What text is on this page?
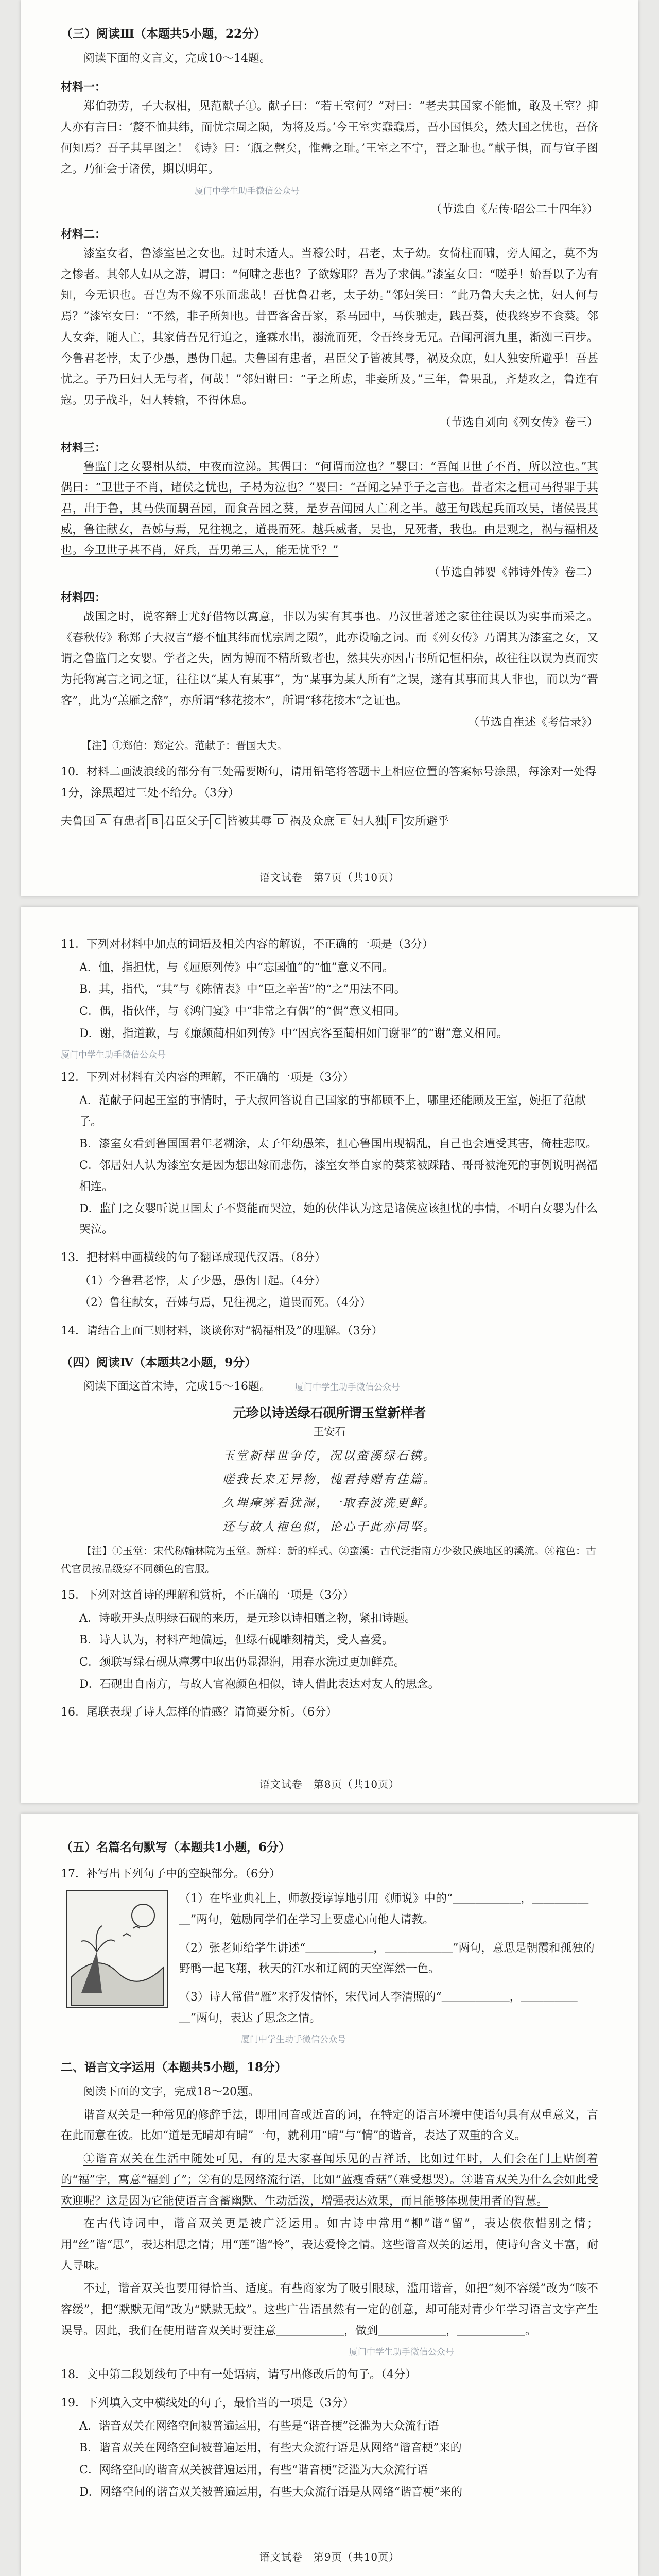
（三）阅读Ⅲ（本题共5小题，22分）
阅读下面的文言文，完成10～14题。
材料一：
郑伯勃劳，子大叔相，见范献子①。献子曰：“若王室何？”对曰：“老夫其国家不能恤，敢及王室？抑人亦有言曰：‘嫠不恤其纬，而忧宗周之陨，为将及焉。’今王室实蠢蠢焉，吾小国惧矣，然大国之忧也，吾侪何知焉？吾子其早图之！《诗》曰：‘瓶之罄矣，惟罍之耻。’王室之不宁，晋之耻也。”献子惧，而与宣子图之。乃征会于诸侯，期以明年。
厦门中学生助手微信公众号
（节选自《左传·昭公二十四年》）
材料二：
漆室女者，鲁漆室邑之女也。过时未适人。当穆公时，君老，太子幼。女倚柱而啸，旁人闻之，莫不为之惨者。其邻人妇从之游，谓曰：“何啸之悲也？子欲嫁耶？吾为子求偶。”漆室女曰：“嗟乎！始吾以子为有知，今无识也。吾岂为不嫁不乐而悲哉！吾忧鲁君老，太子幼。”邻妇笑曰：“此乃鲁大夫之忧，妇人何与焉？”漆室女曰：“不然，非子所知也。昔晋客舍吾家，系马园中，马佚驰走，践吾葵，使我终岁不食葵。邻人女奔，随人亡，其家倩吾兄行追之，逢霖水出，溺流而死，令吾终身无兄。吾闻河润九里，渐洳三百步。今鲁君老悖，太子少愚，愚伪日起。夫鲁国有患者，君臣父子皆被其辱，祸及众庶，妇人独安所避乎！吾甚忧之。子乃曰妇人无与者，何哉！”邻妇谢曰：“子之所虑，非妾所及。”三年，鲁果乱，齐楚攻之，鲁连有寇。男子战斗，妇人转输，不得休息。
（节选自刘向《列女传》卷三）
材料三：
鲁监门之女婴相从绩，中夜而泣涕。其偶曰：“何谓而泣也？”婴曰：“吾闻卫世子不肖，所以泣也。”其偶曰：“卫世子不肖，诸侯之忧也，子曷为泣也？”婴曰：“吾闻之异乎子之言也。昔者宋之桓司马得罪于其君，出于鲁，其马佚而騆吾园，而食吾园之葵，是岁吾闻园人亡利之半。越王句践起兵而攻吴，诸侯畏其威，鲁往献女，吾姊与焉，兄往视之，道畏而死。越兵威者，吴也，兄死者，我也。由是观之，祸与福相及也。今卫世子甚不肖，好兵，吾男弟三人，能无忧乎？”
（节选自韩婴《韩诗外传》卷二）
材料四：
战国之时，说客辩士尤好借物以寓意，非以为实有其事也。乃汉世著述之家往往误以为实事而采之。《春秋传》称郑子大叔言“嫠不恤其纬而忧宗周之陨”，此亦设喻之词。而《列女传》乃谓其为漆室之女，又谓之鲁监门之女婴。学者之失，固为博而不精所致者也，然其失亦因古书所记恒相杂，故往往以误为真而实为托物寓言之词之证，往往以“某人有某事”，为“某事为某人所有”之误，遂有其事而其人非也，而以为“晋客”，此为“羔雁之辞”，亦所谓“移花接木”，所谓“移花接木”之证也。
（节选自崔述《考信录》）
【注】①郑伯：郑定公。范献子：晋国大夫。
10．材料二画波浪线的部分有三处需要断句，请用铅笔将答题卡上相应位置的答案标号涂黑，每涂对一处得1分，涂黑超过三处不给分。（3分）
夫鲁国 A 有患者 B 君臣父子 C 皆被其辱 D 祸及众庶 E 妇人独 F 安所避乎
语文试卷　第7页（共10页）
11．下列对材料中加点的词语及相关内容的解说，不正确的一项是（3分）
A．恤，指担忧，与《屈原列传》中“忘国恤”的“恤”意义不同。
B．其，指代，“其”与《陈情表》中“臣之辛苦”的“之”用法不同。
C．偶，指伙伴，与《鸿门宴》中“非常之有偶”的“偶”意义相同。
D．谢，指道歉，与《廉颇蔺相如列传》中“因宾客至蔺相如门谢罪”的“谢”意义相同。
厦门中学生助手微信公众号
12．下列对材料有关内容的理解，不正确的一项是（3分）
A．范献子问起王室的事情时，子大叔回答说自己国家的事都顾不上，哪里还能顾及王室，婉拒了范献子。
B．漆室女看到鲁国国君年老糊涂，太子年幼愚笨，担心鲁国出现祸乱，自己也会遭受其害，倚柱悲叹。
C．邻居妇人认为漆室女是因为想出嫁而悲伤，漆室女举自家的葵菜被踩踏、哥哥被淹死的事例说明祸福相连。
D．监门之女婴听说卫国太子不贤能而哭泣，她的伙伴认为这是诸侯应该担忧的事情，不明白女婴为什么哭泣。
13．把材料中画横线的句子翻译成现代汉语。（8分）
（1）今鲁君老悖，太子少愚，愚伪日起。（4分）
（2）鲁往献女，吾姊与焉，兄往视之，道畏而死。（4分）
14．请结合上面三则材料，谈谈你对“祸福相及”的理解。（3分）
（四）阅读Ⅳ（本题共2小题，9分）
阅读下面这首宋诗，完成15～16题。	厦门中学生助手微信公众号
元珍以诗送绿石砚所谓玉堂新样者
王安石
玉堂新样世争传，况以蛮溪绿石镌。
嗟我长来无异物，愧君持赠有佳篇。
久埋瘴雾看犹湿，一取春波洗更鲜。
还与故人袍色似，论心于此亦同坚。
【注】①玉堂：宋代称翰林院为玉堂。新样：新的样式。②蛮溪：古代泛指南方少数民族地区的溪流。③袍色：古代官员按品级穿不同颜色的官服。
15．下列对这首诗的理解和赏析，不正确的一项是（3分）
A．诗歌开头点明绿石砚的来历，是元珍以诗相赠之物，紧扣诗题。
B．诗人认为，材料产地偏远，但绿石砚雕刻精美，受人喜爱。
C．颈联写绿石砚从瘴雾中取出仍显湿润，用春水洗过更加鲜亮。
D．石砚出自南方，与故人官袍颜色相似，诗人借此表达对友人的思念。
16．尾联表现了诗人怎样的情感？请简要分析。（6分）
语文试卷　第8页（共10页）
（五）名篇名句默写（本题共1小题，6分）
17．补写出下列句子中的空缺部分。（6分）
（1）在毕业典礼上，师教授谆谆地引用《师说》中的“＿＿＿＿＿＿，＿＿＿＿＿＿”两句，勉励同学们在学习上要虚心向他人请教。
（2）张老师给学生讲述“＿＿＿＿＿＿，＿＿＿＿＿＿”两句，意思是朝霞和孤独的野鸭一起飞翔，秋天的江水和辽阔的天空浑然一色。
（3）诗人常借“雁”来抒发情怀，宋代词人李清照的“＿＿＿＿＿＿，＿＿＿＿＿＿”两句，表达了思念之情。
厦门中学生助手微信公众号
二、语言文字运用（本题共5小题，18分）
阅读下面的文字，完成18～20题。
谐音双关是一种常见的修辞手法，即用同音或近音的词，在特定的语言环境中使语句具有双重意义，言在此而意在彼。比如“道是无晴却有晴”一句，就利用“晴”与“情”的谐音，表达了双重的含义。
①谐音双关在生活中随处可见，有的是大家喜闻乐见的吉祥话，比如过年时，人们会在门上贴倒着的“福”字，寓意“福到了”；②有的是网络流行语，比如“蓝瘦香菇”（难受想哭）。③谐音双关为什么会如此受欢迎呢？这是因为它能使语言含蓄幽默、生动活泼，增强表达效果，而且能够体现使用者的智慧。
在古代诗词中，谐音双关更是被广泛运用。如古诗中常用“柳”谐“留”，表达依依惜别之情；用“丝”谐“思”，表达相思之情；用“莲”谐“怜”，表达爱怜之情。这些谐音双关的运用，使诗句含义丰富，耐人寻味。
不过，谐音双关也要用得恰当、适度。有些商家为了吸引眼球，滥用谐音，如把“刻不容缓”改为“咳不容缓”，把“默默无闻”改为“默默无蚊”。这些广告语虽然有一定的创意，却可能对青少年学习语言文字产生误导。因此，我们在使用谐音双关时要注意＿＿＿＿＿＿，做到＿＿＿＿＿＿，＿＿＿＿＿＿。
厦门中学生助手微信公众号
18．文中第二段划线句子中有一处语病，请写出修改后的句子。（4分）
19．下列填入文中横线处的句子，最恰当的一项是（3分）
A．谐音双关在网络空间被普遍运用，有些是“谐音梗”泛滥为大众流行语
B．谐音双关在网络空间被普遍运用，有些大众流行语是从网络“谐音梗”来的
C．网络空间的谐音双关被普遍运用，有些“谐音梗”泛滥为大众流行语
D．网络空间的谐音双关被普遍运用，有些大众流行语是从网络“谐音梗”来的
语文试卷　第9页（共10页）
